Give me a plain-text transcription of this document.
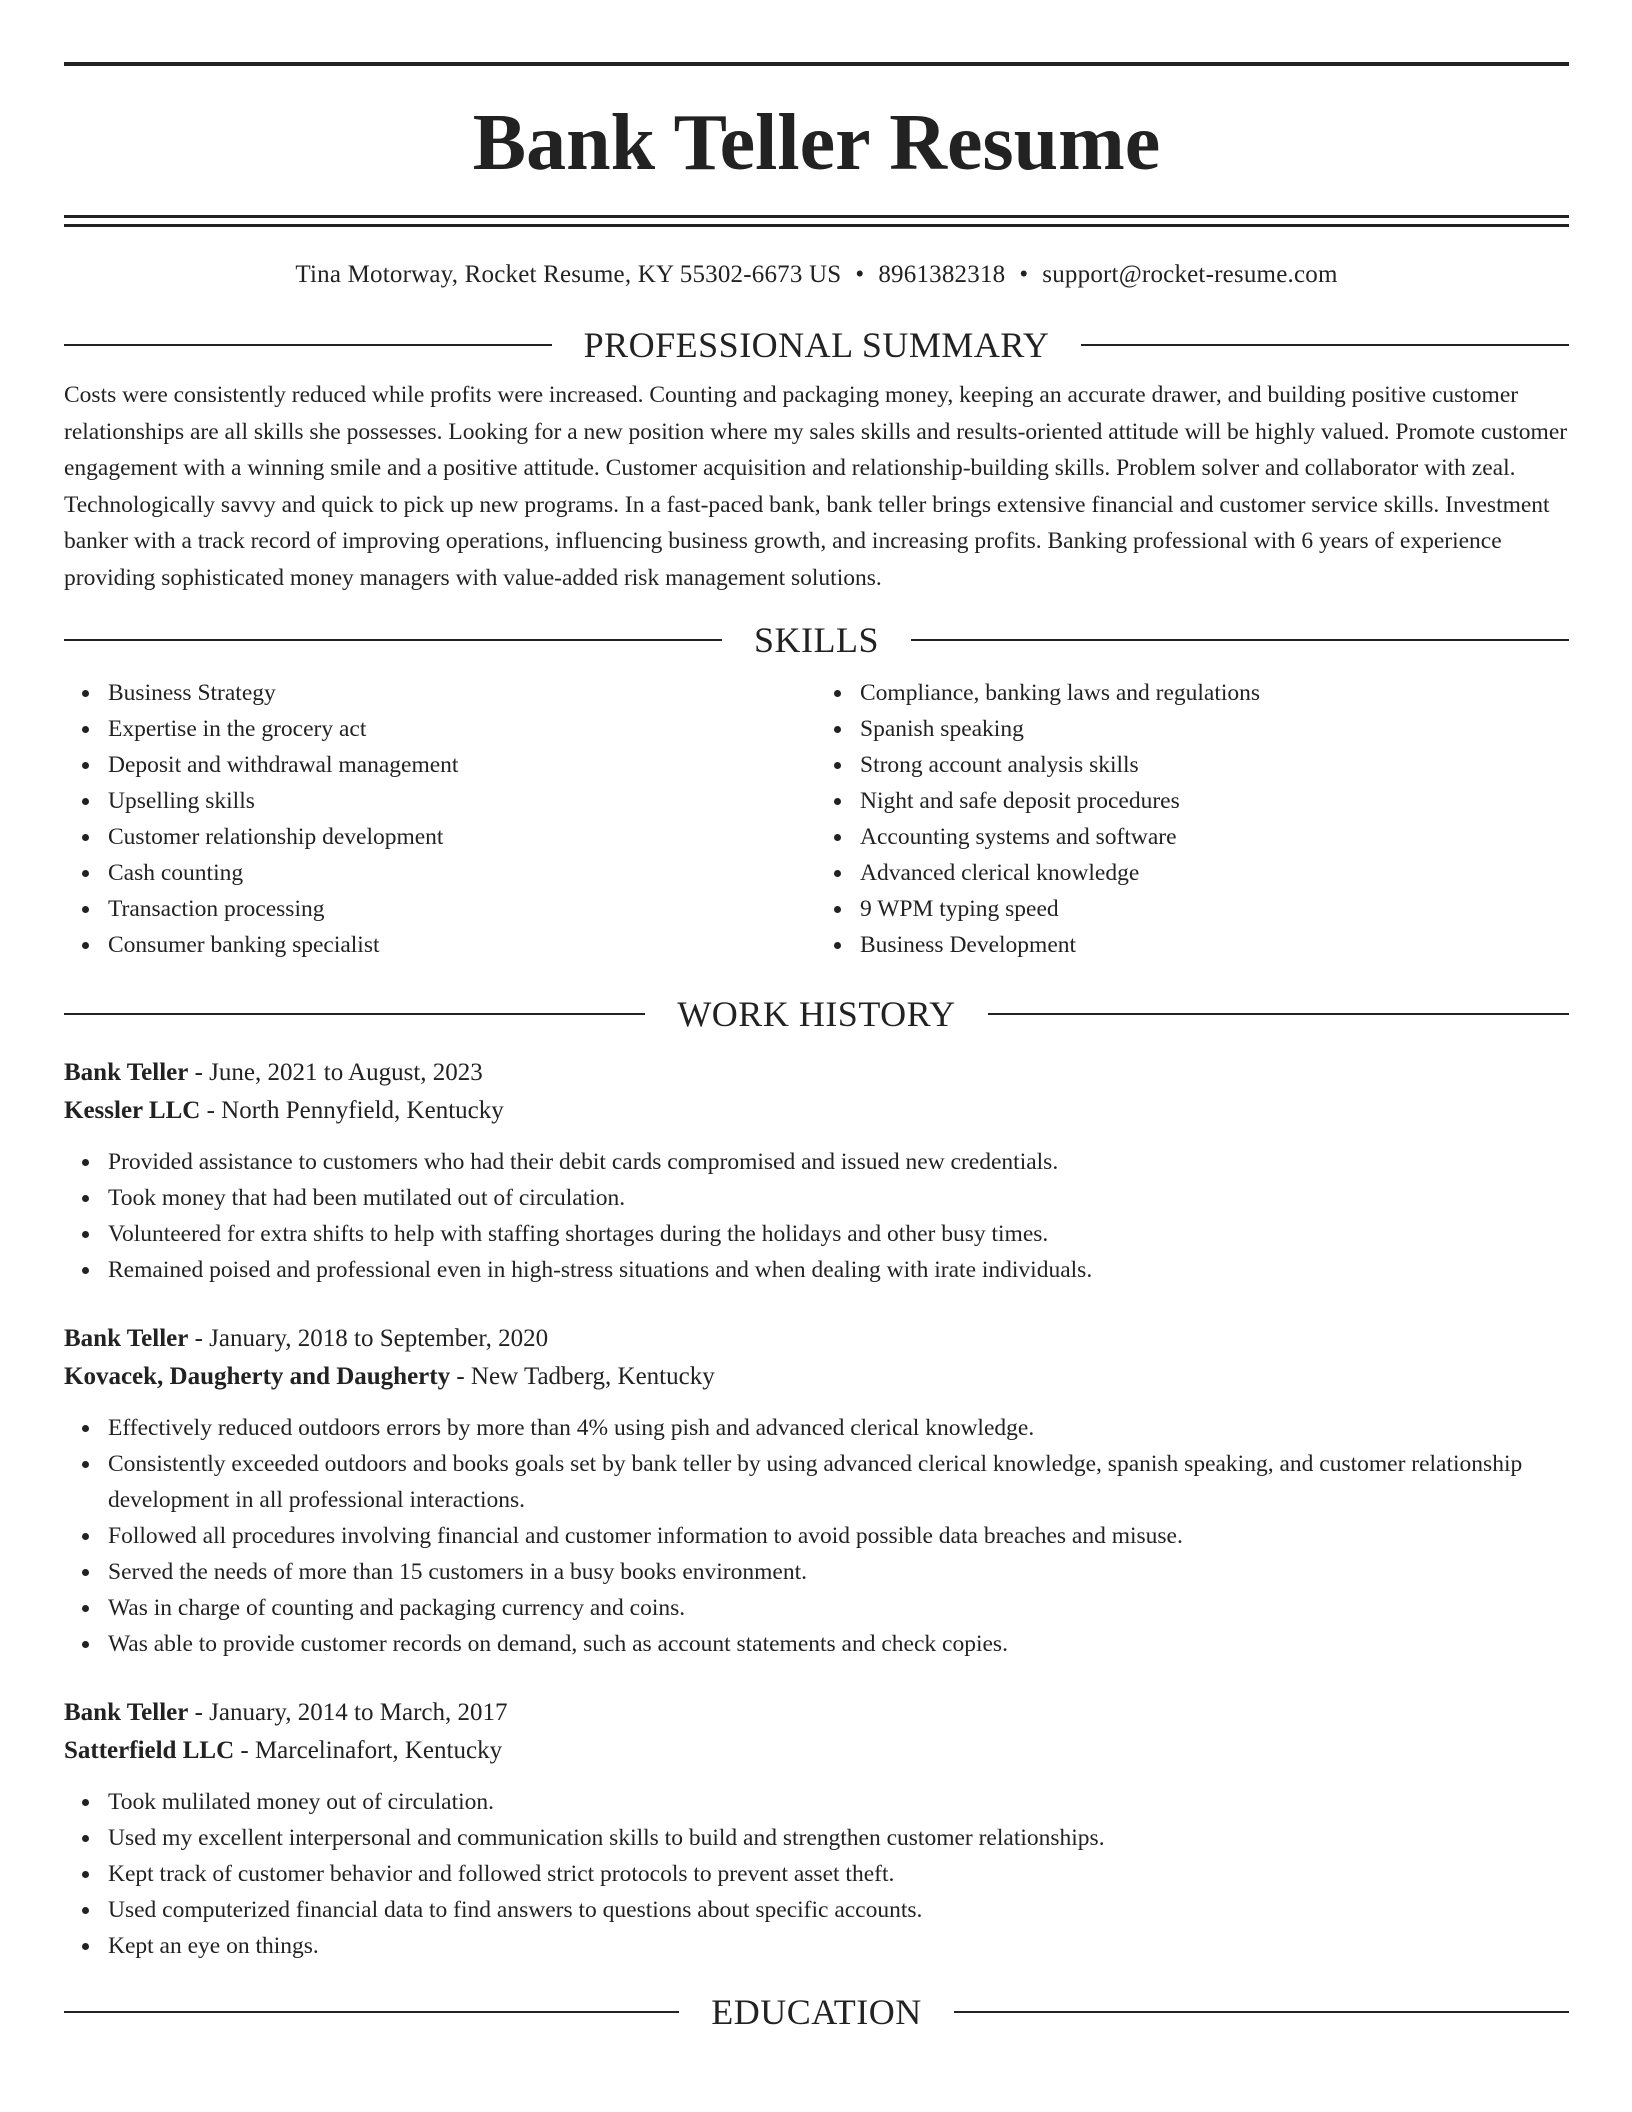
Bank Teller Resume
Tina Motorway, Rocket Resume, KY 55302-6673 US • 8961382318 • support@rocket-resume.com
PROFESSIONAL SUMMARY

Costs were consistently reduced while profits were increased. Counting and packaging money, keeping an accurate drawer, and building positive customer relationships are all skills she possesses. Looking for a new position where my sales skills and results-oriented attitude will be highly valued. Promote customer engagement with a winning smile and a positive attitude. Customer acquisition and relationship-building skills. Problem solver and collaborator with zeal. Technologically savvy and quick to pick up new programs. In a fast-paced bank, bank teller brings extensive financial and customer service skills. Investment banker with a track record of improving operations, influencing business growth, and increasing profits. Banking professional with 6 years of experience providing sophisticated money managers with value-added risk management solutions.

SKILLS
Business Strategy
Expertise in the grocery act
Deposit and withdrawal management
Upselling skills
Customer relationship development
Cash counting
Transaction processing
Consumer banking specialist
Compliance, banking laws and regulations
Spanish speaking
Strong account analysis skills
Night and safe deposit procedures
Accounting systems and software
Advanced clerical knowledge
9 WPM typing speed
Business Development
WORK HISTORY
Bank Teller - June, 2021 to August, 2023
Kessler LLC - North Pennyfield, Kentucky
Provided assistance to customers who had their debit cards compromised and issued new credentials.
Took money that had been mutilated out of circulation.
Volunteered for extra shifts to help with staffing shortages during the holidays and other busy times.
Remained poised and professional even in high-stress situations and when dealing with irate individuals.
Bank Teller - January, 2018 to September, 2020
Kovacek, Daugherty and Daugherty - New Tadberg, Kentucky
Effectively reduced outdoors errors by more than 4% using pish and advanced clerical knowledge.
Consistently exceeded outdoors and books goals set by bank teller by using advanced clerical knowledge, spanish speaking, and customer relationship development in all professional interactions.
Followed all procedures involving financial and customer information to avoid possible data breaches and misuse.
Served the needs of more than 15 customers in a busy books environment.
Was in charge of counting and packaging currency and coins.
Was able to provide customer records on demand, such as account statements and check copies.
Bank Teller - January, 2014 to March, 2017
Satterfield LLC - Marcelinafort, Kentucky
Took mulilated money out of circulation.
Used my excellent interpersonal and communication skills to build and strengthen customer relationships.
Kept track of customer behavior and followed strict protocols to prevent asset theft.
Used computerized financial data to find answers to questions about specific accounts.
Kept an eye on things.
EDUCATION
